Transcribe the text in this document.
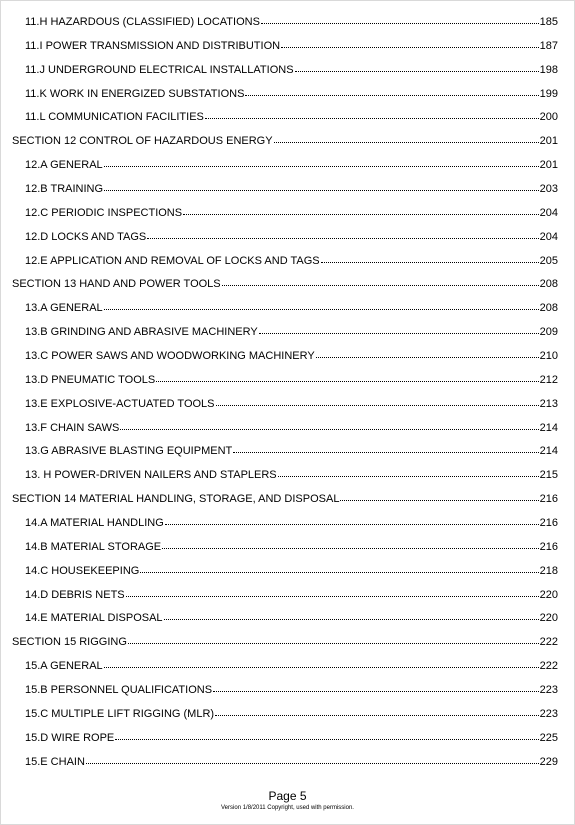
11.H HAZARDOUS (CLASSIFIED) LOCATIONS	185
11.I POWER TRANSMISSION AND DISTRIBUTION	187
11.J UNDERGROUND ELECTRICAL INSTALLATIONS	198
11.K WORK IN ENERGIZED SUBSTATIONS	199
11.L COMMUNICATION FACILITIES	200
SECTION 12 CONTROL OF HAZARDOUS ENERGY	201
12.A GENERAL	201
12.B TRAINING	203
12.C PERIODIC INSPECTIONS	204
12.D LOCKS AND TAGS	204
12.E APPLICATION AND REMOVAL OF LOCKS AND TAGS	205
SECTION 13 HAND AND POWER TOOLS	208
13.A GENERAL	208
13.B GRINDING AND ABRASIVE MACHINERY	209
13.C POWER SAWS AND WOODWORKING MACHINERY	210
13.D PNEUMATIC TOOLS	212
13.E EXPLOSIVE-ACTUATED TOOLS	213
13.F CHAIN SAWS	214
13.G ABRASIVE BLASTING EQUIPMENT	214
13. H POWER-DRIVEN NAILERS AND STAPLERS	215
SECTION 14 MATERIAL HANDLING, STORAGE, AND DISPOSAL	216
14.A MATERIAL HANDLING	216
14.B MATERIAL STORAGE	216
14.C HOUSEKEEPING	218
14.D DEBRIS NETS	220
14.E MATERIAL DISPOSAL	220
SECTION 15 RIGGING	222
15.A GENERAL	222
15.B PERSONNEL QUALIFICATIONS	223
15.C MULTIPLE LIFT RIGGING (MLR)	223
15.D WIRE ROPE	225
15.E CHAIN	229
Page 5
Version 1/8/2011 Copyright, used with permission.
